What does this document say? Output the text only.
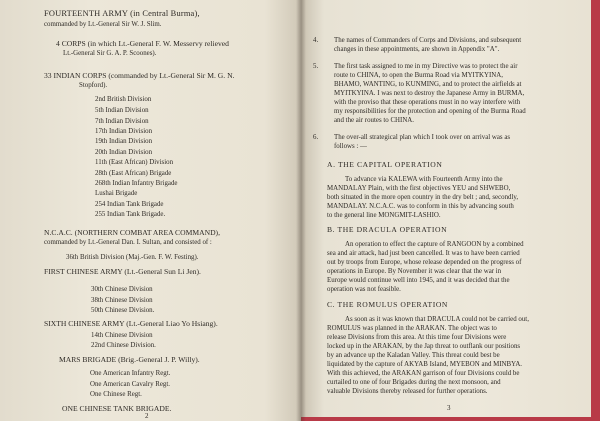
FOURTEENTH ARMY (in Central Burma),
commanded by Lt.-General Sir W. J. Slim.
4 CORPS (in which Lt.-General F. W. Messervy relieved
Lt.-General Sir G. A. P. Scoones).
33 INDIAN CORPS (commanded by Lt.-General Sir M. G. N.
Stopford).
2nd British Division
5th Indian Division
7th Indian Division
17th Indian Division
19th Indian Division
20th Indian Division
11th (East African) Division
28th (East African) Brigade
268th Indian Infantry Brigade
Lushai Brigade
254 Indian Tank Brigade
255 Indian Tank Brigade.
N.C.A.C. (NORTHERN COMBAT AREA COMMAND),
commanded by Lt.-General Dan. I. Sultan, and consisted of :
36th British Division (Maj.-Gen. F. W. Festing).
FIRST CHINESE ARMY (Lt.-General Sun Li Jen).
30th Chinese Division
38th Chinese Division
50th Chinese Division.
SIXTH CHINESE ARMY (Lt.-General Liao Yo Hsiang).
14th Chinese Division
22nd Chinese Division.
MARS BRIGADE (Brig.-General J. P. Willy).
One American Infantry Regt.
One American Cavalry Regt.
One Chinese Regt.
ONE CHINESE TANK BRIGADE.
2
4. The names of Commanders of Corps and Divisions, and subsequent
changes in these appointments, are shown in Appendix "A".
5. The first task assigned to me in my Directive was to protect the air
route to CHINA, to open the Burma Road via MYITKYINA,
BHAMO, WANTING, to KUNMING, and to protect the airfields at
MYITKYINA. I was next to destroy the Japanese Army in BURMA,
with the proviso that these operations must in no way interfere with
my responsibilities for the protection and opening of the Burma Road
and the air routes to CHINA.
6. The over-all strategical plan which I took over on arrival was as
follows : —
A. THE CAPITAL OPERATION
To advance via KALEWA with Fourteenth Army into the
MANDALAY Plain, with the first objectives YEU and SHWEBO,
both situated in the more open country in the dry belt ; and, secondly,
MANDALAY. N.C.A.C. was to conform in this by advancing south
to the general line MONGMIT-LASHIO.
B. THE DRACULA OPERATION
An operation to effect the capture of RANGOON by a combined
sea and air attack, had just been cancelled. It was to have been carried
out by troops from Europe, whose release depended on the progress of
operations in Europe. By November it was clear that the war in
Europe would continue well into 1945, and it was decided that the
operation was not feasible.
C. THE ROMULUS OPERATION
As soon as it was known that DRACULA could not be carried out,
ROMULUS was planned in the ARAKAN. The object was to
release Divisions from this area. At this time four Divisions were
locked up in the ARAKAN, by the Jap threat to outflank our positions
by an advance up the Kaladan Valley. This threat could best be
liquidated by the capture of AKYAB Island, MYEBON and MINBYA.
With this achieved, the ARAKAN garrison of four Divisions could be
curtailed to one of four Brigades during the next monsoon, and
valuable Divisions thereby released for further operations.
3
